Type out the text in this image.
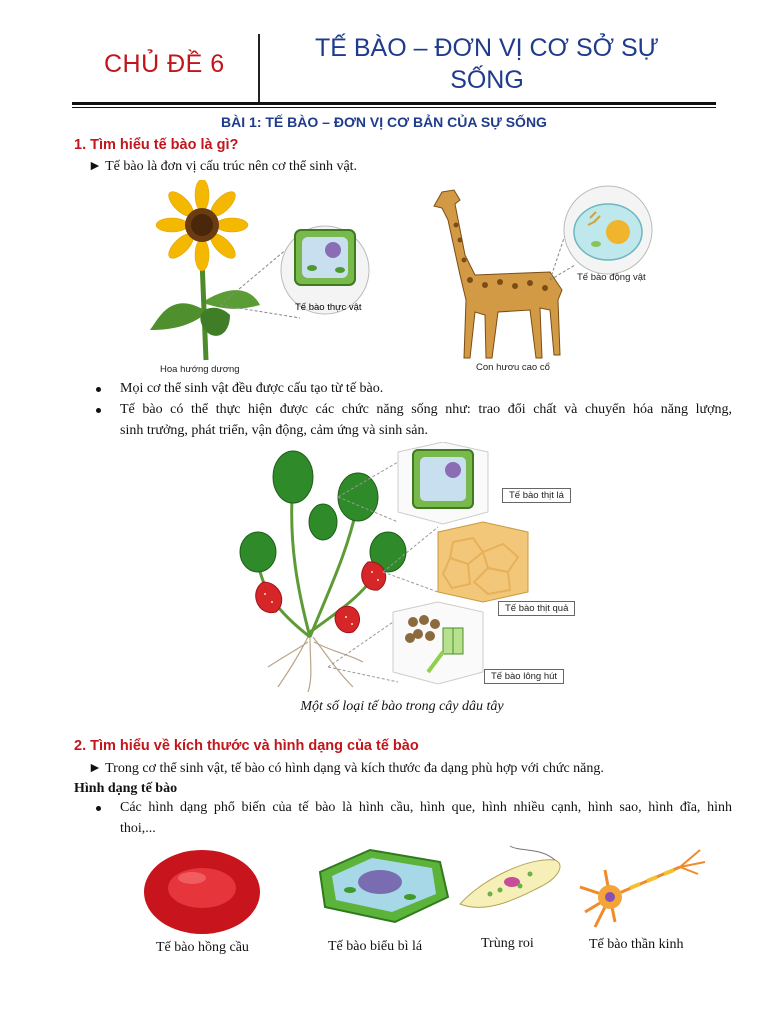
CHỦ ĐỀ 6
TẾ BÀO – ĐƠN VỊ CƠ SỞ SỰ
SỐNG
BÀI 1: TẾ BÀO – ĐƠN VỊ CƠ BẢN CỦA SỰ SỐNG
1. Tìm hiểu tế bào là gì?
► Tế bào là đơn vị cấu trúc nên cơ thể sinh vật.
Tế bào thực vật
Hoa hướng dương	Con hươu cao cổ
Tế bào động vật
Mọi cơ thể sinh vật đều được cấu tạo từ tế bào.
Tế bào có thể thực hiện được các chức năng sống như: trao đổi chất và chuyển hóa năng lượng,
sinh trưởng, phát triển, vận động, cảm ứng và sinh sản.
Tế bào thịt lá
Tế bào thịt quả
Tế bào lông hút
Một số loại tế bào trong cây dâu tây
2. Tìm hiểu về kích thước và hình dạng của tế bào
► Trong cơ thể sinh vật, tế bào có hình dạng và kích thước đa dạng phù hợp với chức năng.
Hình dạng tế bào
Các hình dạng phổ biến của tế bào là hình cầu, hình que, hình nhiều cạnh, hình sao, hình đĩa, hình
thoi,...
Tế bào hồng cầu	Tế bào biểu bì lá	Trùng roi	Tế bào thần kinh
